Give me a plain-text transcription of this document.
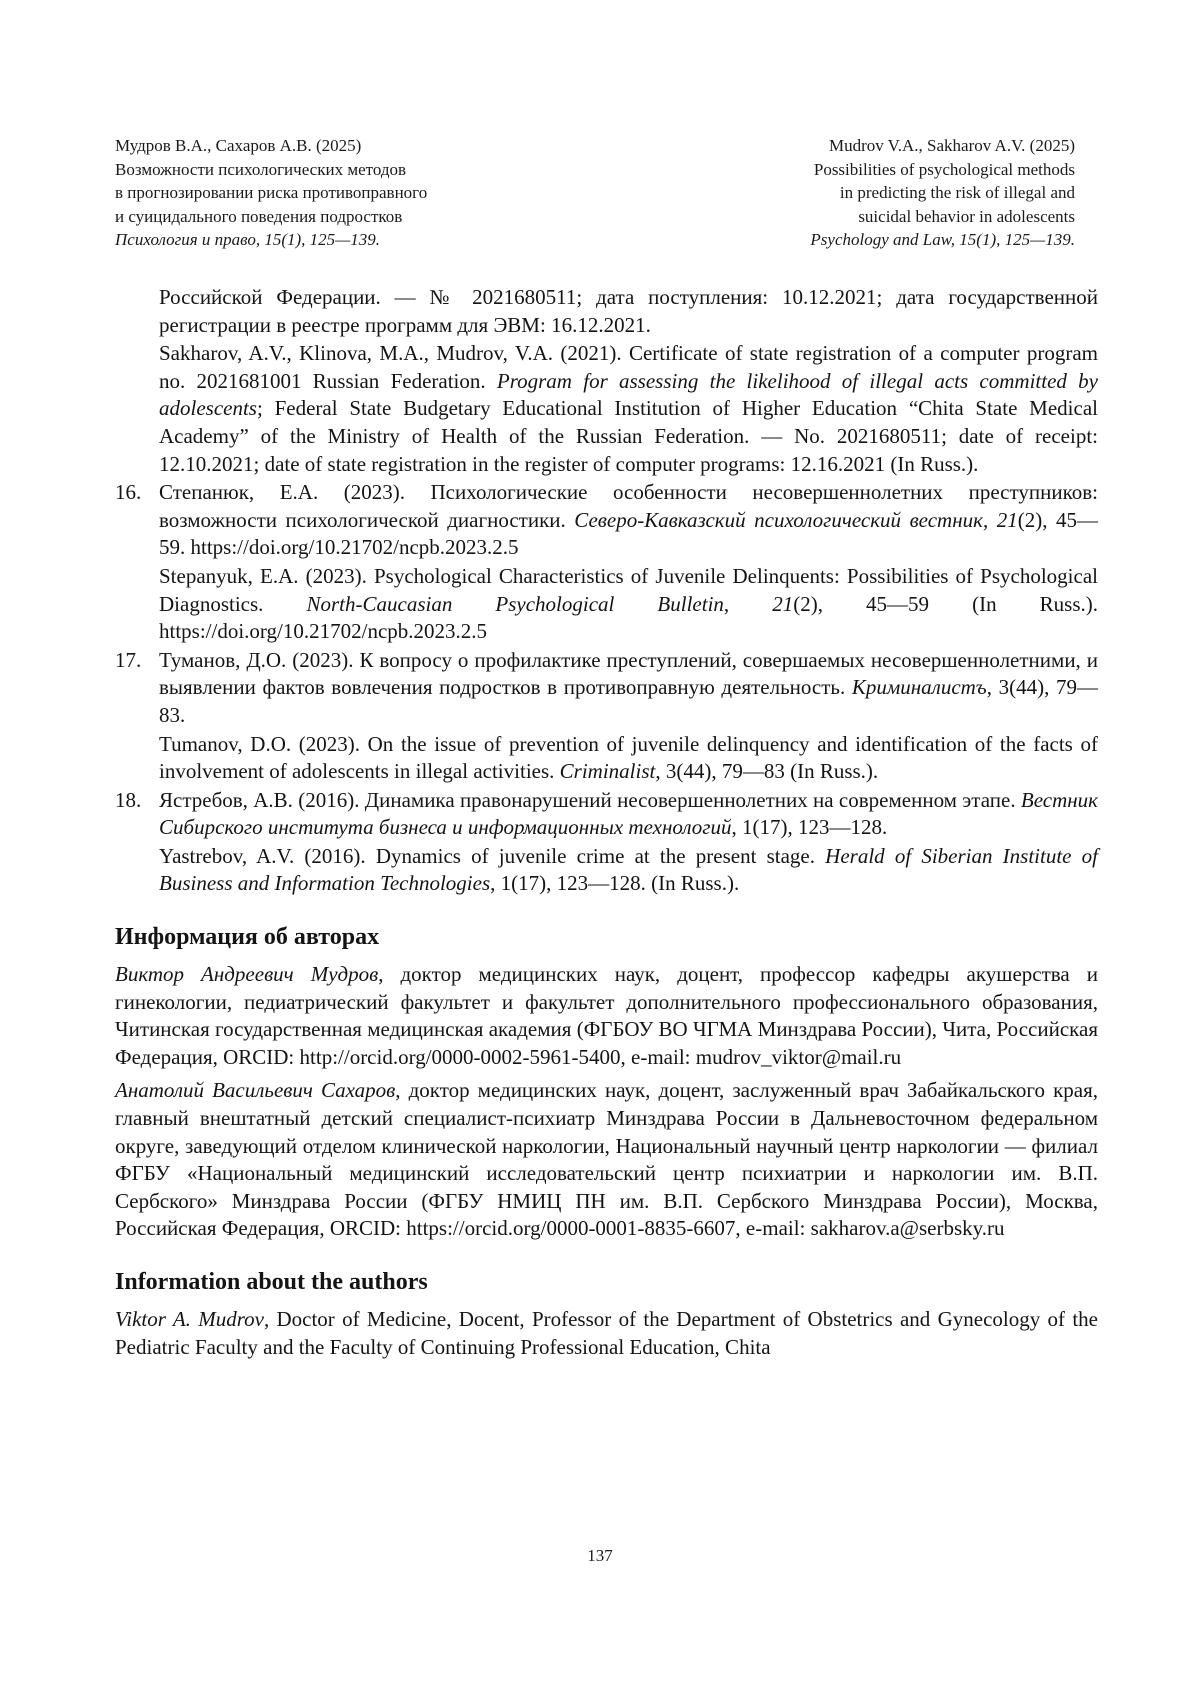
Мудров В.А., Сахаров А.В. (2025)
Возможности психологических методов
в прогнозировании риска противоправного
и суицидального поведения подростков
Психология и право, 15(1), 125—139.
Mudrov V.A., Sakharov A.V. (2025)
Possibilities of psychological methods
in predicting the risk of illegal and
suicidal behavior in adolescents
Psychology and Law, 15(1), 125—139.

Российской Федерации. — № 2021680511; дата поступления: 10.12.2021; дата государственной регистрации в реестре программ для ЭВМ: 16.12.2021.

Sakharov, A.V., Klinova, M.A., Mudrov, V.A. (2021). Certificate of state registration of a computer program no. 2021681001 Russian Federation. Program for assessing the likelihood of illegal acts committed by adolescents; Federal State Budgetary Educational Institution of Higher Education “Chita State Medical Academy” of the Ministry of Health of the Russian Federation. — No. 2021680511; date of receipt: 12.10.2021; date of state registration in the register of computer programs: 12.16.2021 (In Russ.).

16. Степанюк, Е.А. (2023). Психологические особенности несовершеннолетних преступников: возможности психологической диагностики. Северо-Кавказский психологический вестник, 21(2), 45—59. https://doi.org/10.21702/ncpb.2023.2.5

Stepanyuk, E.A. (2023). Psychological Characteristics of Juvenile Delinquents: Possibilities of Psychological Diagnostics. North-Caucasian Psychological Bulletin, 21(2), 45—59 (In Russ.). https://doi.org/10.21702/ncpb.2023.2.5

17. Туманов, Д.О. (2023). К вопросу о профилактике преступлений, совершаемых несовершеннолетними, и выявлении фактов вовлечения подростков в противоправную деятельность. Криминалистъ, 3(44), 79—83.

Tumanov, D.O. (2023). On the issue of prevention of juvenile delinquency and identification of the facts of involvement of adolescents in illegal activities. Criminalist, 3(44), 79—83 (In Russ.).

18. Ястребов, А.В. (2016). Динамика правонарушений несовершеннолетних на современном этапе. Вестник Сибирского института бизнеса и информационных технологий, 1(17), 123—128.

Yastrebov, A.V. (2016). Dynamics of juvenile crime at the present stage. Herald of Siberian Institute of Business and Information Technologies, 1(17), 123—128. (In Russ.).

Информация об авторах

Виктор Андреевич Мудров, доктор медицинских наук, доцент, профессор кафедры акушерства и гинекологии, педиатрический факультет и факультет дополнительного профессионального образования, Читинская государственная медицинская академия (ФГБОУ ВО ЧГМА Минздрава России), Чита, Российская Федерация, ORCID: http://orcid.org/0000-0002-5961-5400, e-mail: mudrov_viktor@mail.ru

Анатолий Васильевич Сахаров, доктор медицинских наук, доцент, заслуженный врач Забайкальского края, главный внештатный детский специалист-психиатр Минздрава России в Дальневосточном федеральном округе, заведующий отделом клинической наркологии, Национальный научный центр наркологии — филиал ФГБУ «Национальный медицинский исследовательский центр психиатрии и наркологии им. В.П. Сербского» Минздрава России (ФГБУ НМИЦ ПН им. В.П. Сербского Минздрава России), Москва, Российская Федерация, ORCID: https://orcid.org/0000-0001-8835-6607, e-mail: sakharov.a@serbsky.ru

Information about the authors

Viktor A. Mudrov, Doctor of Medicine, Docent, Professor of the Department of Obstetrics and Gynecology of the Pediatric Faculty and the Faculty of Continuing Professional Education, Chita

137
